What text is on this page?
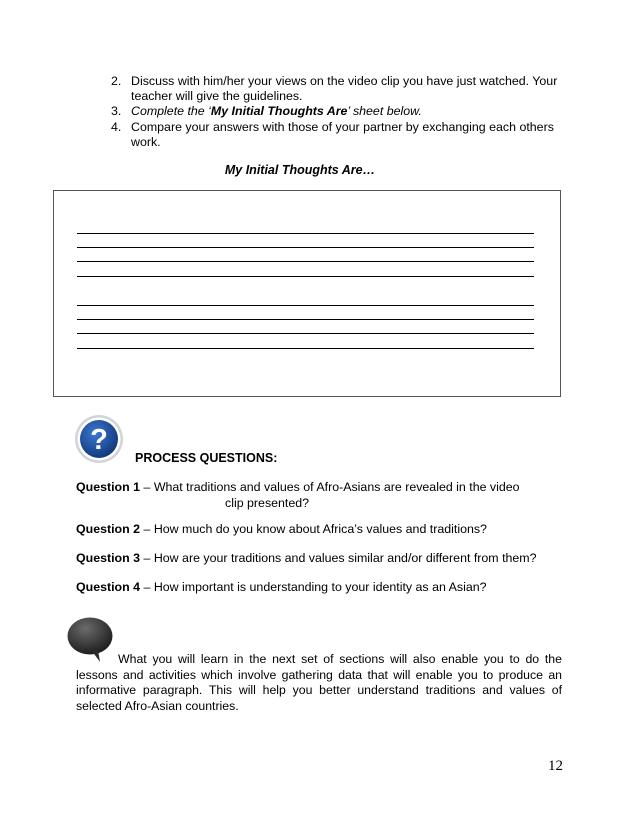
2. Discuss with him/her your views on the video clip you have just watched. Your teacher will give the guidelines.
3. Complete the ‘My Initial Thoughts Are’ sheet below.
4. Compare your answers with those of your partner by exchanging each others work.
My Initial Thoughts Are…
?
PROCESS QUESTIONS:
Question 1 – What traditions and values of Afro-Asians are revealed in the video
clip presented?
Question 2 – How much do you know about Africa’s values and traditions?
Question 3 – How are your traditions and values similar and/or different from them?
Question 4 – How important is understanding to your identity as an Asian?
What you will learn in the next set of sections will also enable you to do the lessons and activities which involve gathering data that will enable you to produce an informative paragraph. This will help you better understand traditions and values of selected Afro-Asian countries.
12
